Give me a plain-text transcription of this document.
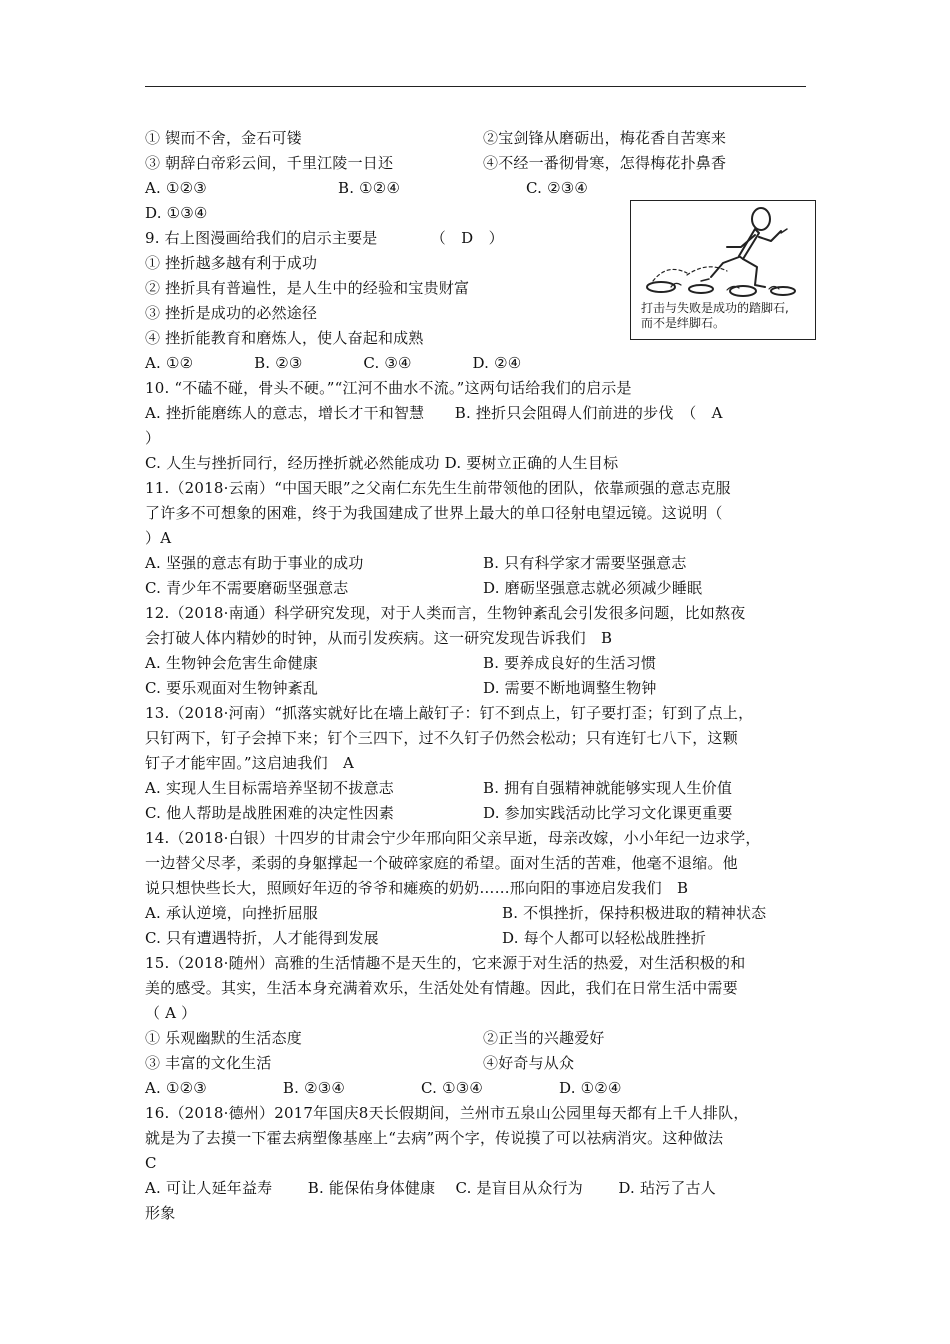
① 锲而不舍，金石可镂	②宝剑锋从磨砺出，梅花香自苦寒来
③ 朝辞白帝彩云间，千里江陵一日还	④不经一番彻骨寒，怎得梅花扑鼻香
A. ①②③	B. ①②④	C. ②③④
D. ①③④
9. 右上图漫画给我们的启示主要是　　　　（　D　）
① 挫折越多越有利于成功
② 挫折具有普遍性，是人生中的经验和宝贵财富
③ 挫折是成功的必然途径
④ 挫折能教育和磨炼人，使人奋起和成熟
A. ①②　　　　B. ②③　　　　C. ③④　　　　D. ②④
10. “不磕不碰，骨头不硬。”“江河不曲水不流。”这两句话给我们的启示是
A. 挫折能磨练人的意志，增长才干和智慧　　B. 挫折只会阻碍人们前进的步伐　（　A
）
C. 人生与挫折同行，经历挫折就必然能成功 D. 要树立正确的人生目标
11.（2018·云南）“中国天眼”之父南仁东先生生前带领他的团队，依靠顽强的意志克服
了许多不可想象的困难，终于为我国建成了世界上最大的单口径射电望远镜。这说明（
）A
A. 坚强的意志有助于事业的成功	B. 只有科学家才需要坚强意志
C. 青少年不需要磨砺坚强意志	D. 磨砺坚强意志就必须减少睡眠
12.（2018·南通）科学研究发现，对于人类而言，生物钟紊乱会引发很多问题，比如熬夜
会打破人体内精妙的时钟，从而引发疾病。这一研究发现告诉我们　B
A. 生物钟会危害生命健康	B. 要养成良好的生活习惯
C. 要乐观面对生物钟紊乱	D. 需要不断地调整生物钟
13.（2018·河南）“抓落实就好比在墙上敲钉子：钉不到点上，钉子要打歪；钉到了点上，
只钉两下，钉子会掉下来；钉个三四下，过不久钉子仍然会松动；只有连钉七八下，这颗
钉子才能牢固。”这启迪我们　A
A. 实现人生目标需培养坚韧不拔意志	B. 拥有自强精神就能够实现人生价值
C. 他人帮助是战胜困难的决定性因素	D. 参加实践活动比学习文化课更重要
14.（2018·白银）十四岁的甘肃会宁少年邢向阳父亲早逝，母亲改嫁，小小年纪一边求学，
一边替父尽孝，柔弱的身躯撑起一个破碎家庭的希望。面对生活的苦难，他毫不退缩。他
说只想快些长大，照顾好年迈的爷爷和瘫痪的奶奶……邢向阳的事迹启发我们　B
A. 承认逆境，向挫折屈服	B. 不惧挫折，保持积极进取的精神状态
C. 只有遭遇特折，人才能得到发展	D. 每个人都可以轻松战胜挫折
15.（2018·随州）高雅的生活情趣不是天生的，它来源于对生活的热爱，对生活积极的和
美的感受。其实，生活本身充满着欢乐，生活处处有情趣。因此，我们在日常生活中需要
（ A ）
① 乐观幽默的生活态度	②正当的兴趣爱好
③ 丰富的文化生活	④好奇与从众
A. ①②③　　　　　B. ②③④　　　　　C. ①③④　　　　　D. ①②④
16.（2018·德州）2017年国庆8天长假期间，兰州市五泉山公园里每天都有上千人排队，
就是为了去摸一下霍去病塑像基座上“去病”两个字，传说摸了可以祛病消灾。这种做法
C
A. 可让人延年益寿　　 B. 能保佑身体健康　 C. 是盲目从众行为　　 D. 玷污了古人
形象
打击与失败是成功的踏脚石,
而不是绊脚石。
